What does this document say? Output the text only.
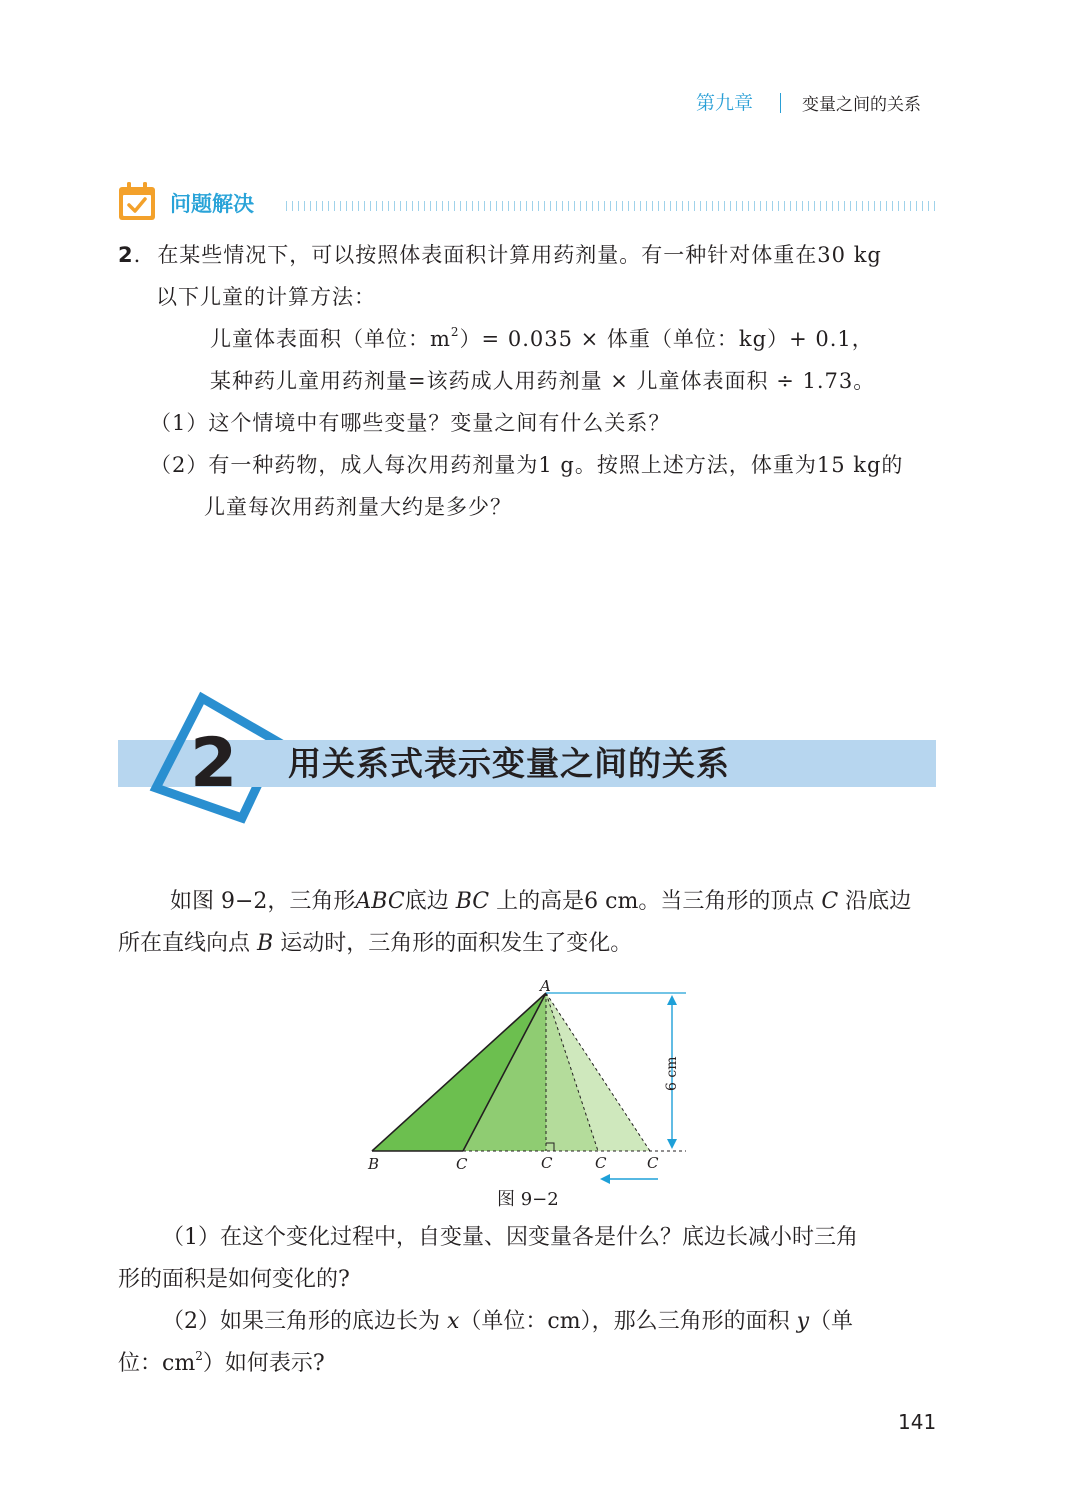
第九章	变量之间的关系
问题解决
2. 在某些情况下，可以按照体表面积计算用药剂量。有一种针对体重在30 kg
以下儿童的计算方法：
儿童体表面积（单位：$m^2)= 0.035$ × 体重（单位：kg）+ 0.1，
某种药儿童用药剂量=该药成人用药剂量 × 儿童体表面积 ÷ 1.73。
（1）这个情境中有哪些变量？变量之间有什么关系？
（2）有一种药物，成人每次用药剂量为1 g。按照上述方法，体重为15 kg的
儿童每次用药剂量大约是多少？
2 用关系式表示变量之间的关系
如图 9−2，三角形ABC底边 BC 上的高是6 cm。当三角形的顶点 C 沿底边
所在直线向点 B 运动时，三角形的面积发生了变化。
A
B	C	C	C	C
6 cm
图 9−2
（1）在这个变化过程中，自变量、因变量各是什么？底边长减小时三角
形的面积是如何变化的?
（2）如果三角形的底边长为 x（单位：cm），那么三角形的面积 y（单
位：$cm^2$）如何表示?
141
